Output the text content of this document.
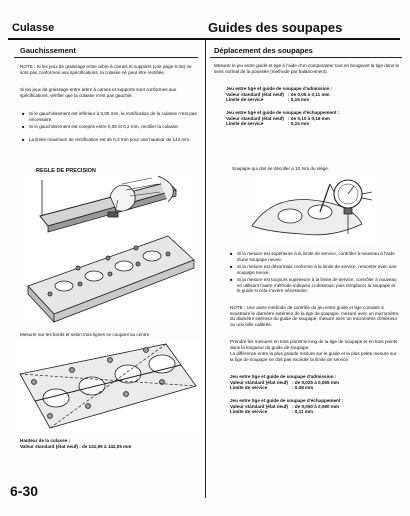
Culasse	Guides des soupapes
Gauchissement
NOTE : Si les jeux de graissage entre arbre à cames et supports (voir page 6-26) ne sont pas conformes aux spécifications, la culasse ne peut être rectifiée.
Si les jeux de graissage entre arbre à cames et supports sont conformes aux spécifications, vérifier que la culasse n'est pas gauchie.
■ Si le gauchissement est inférieur à 0,05 mm, la rectification de la culasse n'est pas nécessaire.
■ Si le gauchissement est compris entre 0,05 et 0,2 mm, rectifier la culasse.
■ La limite maximum de rectification est de 0,2 mm pour une hauteur de 142 mm.
REGLE DE PRECISION
Mesurer sur les bords et selon trois lignes se coupant au centre.
Hauteur de la culasse :
Valeur standard (état neuf) : de 141,95 à 142,05 mm
6-30
Déplacement des soupapes
Mesurer le jeu entre guide et tige à l'aide d'un comparateur tout en bougeant la tige dans le sens normal de la poussée (méthode par balancement).
Jeu entre tige et guide de soupape d'admission :
Valeur standard (état neuf) : de 0,05 à 0,11 mm
Limite de service	: 0,16 mm
Jeu entre tige et guide de soupape d'échappement :
Valeur standard (état neuf) : de 0,10 à 0,16 mm
Limite de service	: 0,24 mm
Soupape qui doit se décoller à 10 mm du siège.
■ Si la mesure est supérieure à la limite de service, contrôler à nouveau à l'aide d'une soupape neuve.
■ Si la mesure est désormais conforme à la limite de service, remonter avec une soupape neuve.
■ Si la mesure est toujours supérieure à la limite de service, contrôler à nouveau en utilisant l'autre méthode indiquée ci-dessous, puis remplacer la soupape et le guide si cela s'avère nécessaire.
NOTE : Une autre méthode de contrôle du jeu entre guide et tige consiste à soustraire le diamètre extérieur de la tige de soupape, mesuré avec un micromètre, du diamètre intérieur du guide de soupape, mesuré avec un micromètre d'intérieur ou une bille calibrée.
Prendre les mesures en trois points le long de la tige de soupape et en trois points dans la longueur du guide de soupape.
La différence entre la plus grande mesure sur le guide et la plus petite mesure sur la tige de soupape ne doit pas excéder la limite de service.
Jeu entre tige et guide de soupape d'admission :
Valeur standard (état neuf) : de 0,025 à 0,055 mm
Limite de service	: 0,08 mm
Jeu entre tige et guide de soupape d'échappement :
Valeur standard (état neuf) : de 0,050 à 0,080 mm
Limite de service	: 0,11 mm
